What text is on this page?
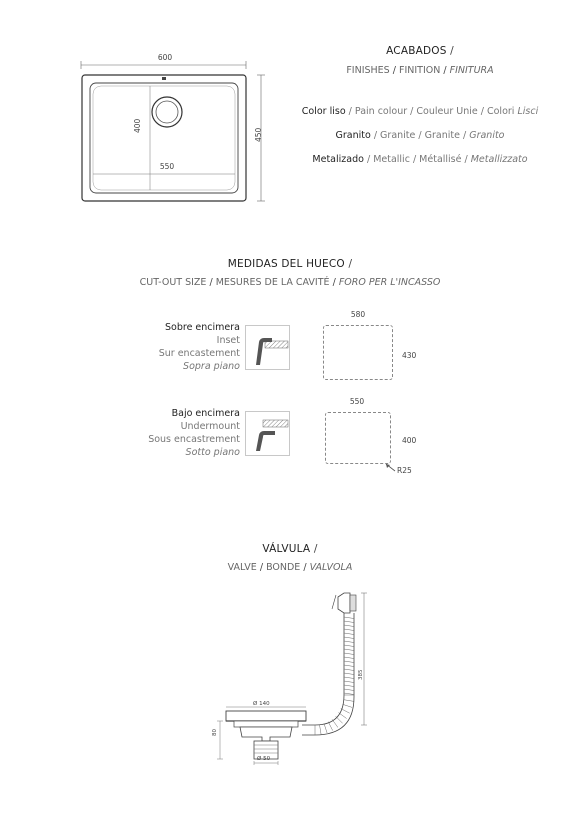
600
550
400
450
ACABADOS /
FINISHES / FINITION / FINITURA
Color liso / Pain colour / Couleur Unie / Colori Lisci
Granito / Granite / Granite / Granito
Metalizado / Metallic / Métallisé / Metallizzato
MEDIDAS DEL HUECO /
CUT-OUT SIZE / MESURES DE LA CAVITÉ / FORO PER L'INCASSO
Sobre encimera
Inset
Sur encastement
Sopra piano
580
430
Bajo encimera
Undermount
Sous encastrement
Sotto piano
550
400
R25
VÁLVULA /
VALVE / BONDE / VALVOLA
Ø 140
Ø 50
80
385
